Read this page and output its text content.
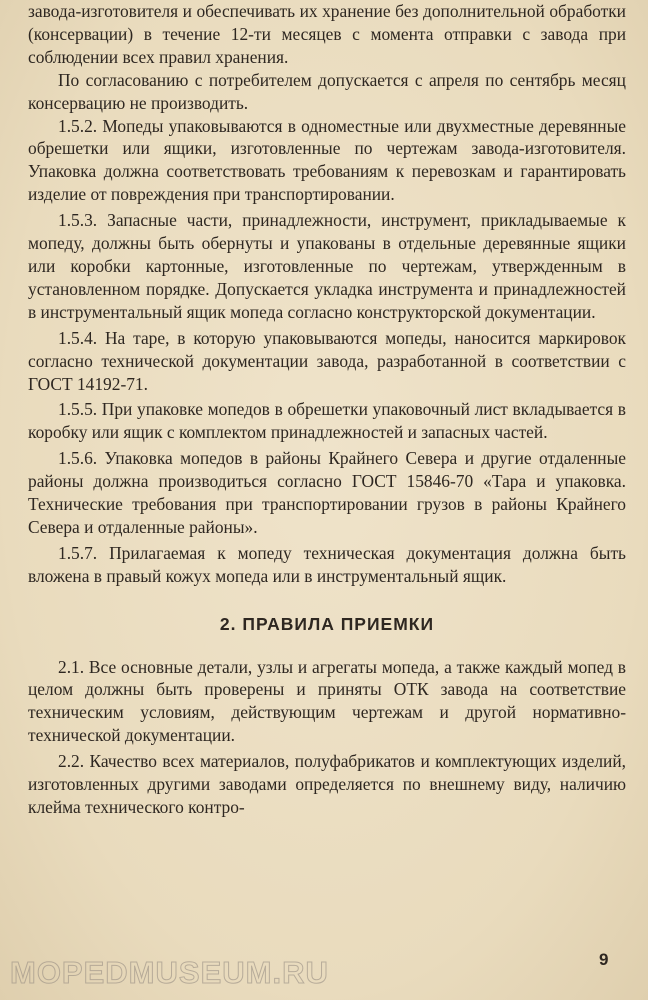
завода-изготовителя и обеспечивать их хранение без дополнительной обработки (консервации) в течение 12-ти месяцев с момента отправки с завода при соблюдении всех правил хранения.

По согласованию с потребителем допускается с апреля по сентябрь месяц консервацию не производить.

1.5.2. Мопеды упаковываются в одноместные или двухместные деревянные обрешетки или ящики, изготовленные по чертежам завода-изготовителя. Упаковка должна соответствовать требованиям к перевозкам и гарантировать изделие от повреждения при транспортировании.

1.5.3. Запасные части, принадлежности, инструмент, прикладываемые к мопеду, должны быть обернуты и упакованы в отдельные деревянные ящики или коробки картонные, изготовленные по чертежам, утвержденным в установленном порядке. Допускается укладка инструмента и принадлежностей в инструментальный ящик мопеда согласно конструкторской документации.

1.5.4. На таре, в которую упаковываются мопеды, наносится маркировок согласно технической документации завода, разработанной в соответствии с ГОСТ 14192-71.

1.5.5. При упаковке мопедов в обрешетки упаковочный лист вкладывается в коробку или ящик с комплектом принадлежностей и запасных частей.

1.5.6. Упаковка мопедов в районы Крайнего Севера и другие отдаленные районы должна производиться согласно ГОСТ 15846-70 «Тара и упаковка. Технические требования при транспортировании грузов в районы Крайнего Севера и отдаленные районы».

1.5.7. Прилагаемая к мопеду техническая документация должна быть вложена в правый кожух мопеда или в инструментальный ящик.

2. ПРАВИЛА ПРИЕМКИ

2.1. Все основные детали, узлы и агрегаты мопеда, а также каждый мопед в целом должны быть проверены и приняты ОТК завода на соответствие техническим условиям, действующим чертежам и другой нормативно-технической документации.

2.2. Качество всех материалов, полуфабрикатов и комплектующих изделий, изготовленных другими заводами определяется по внешнему виду, наличию клейма технического контро-

9
MOPEDMUSEUM.RU
